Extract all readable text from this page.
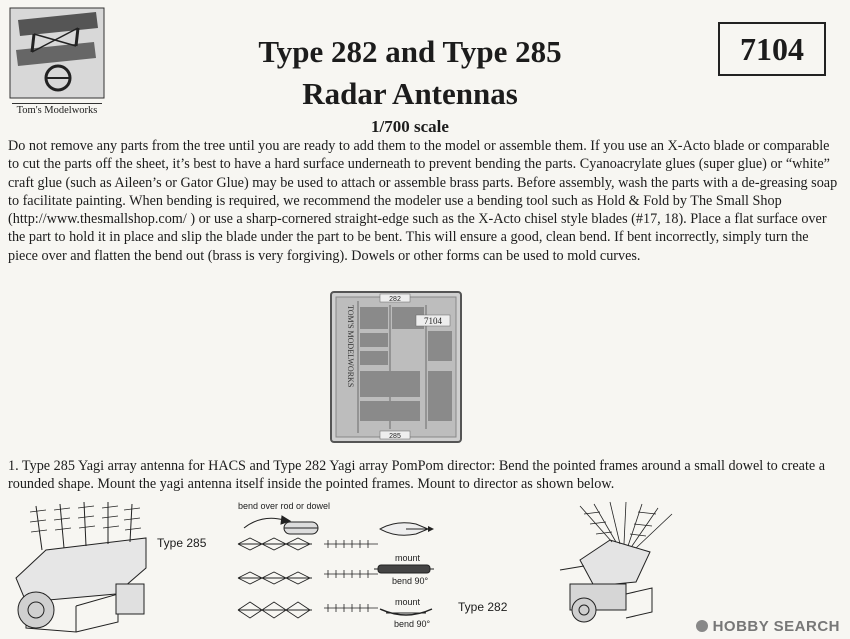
Tom's Modelworks
Type 282 and Type 285
Radar Antennas
1/700 scale
7104
Do not remove any parts from the tree until you are ready to add them to the model or assemble them. If you use an X-Acto blade or comparable to cut the parts off the sheet, it’s best to have a hard surface underneath to prevent bending the parts. Cyanoacrylate glues (super glue) or “white” craft glue (such as Aileen’s or Gator Glue) may be used to attach or assemble brass parts. Before assembly, wash the parts with a de-greasing soap to facilitate painting. When bending is required, we recommend the modeler use a bending tool such as Hold & Fold by The Small Shop (http://www.thesmallshop.com/ ) or use a sharp-cornered straight-edge such as the X-Acto chisel style blades (#17, 18). Place a flat surface over the part to hold it in place and slip the blade under the part to be bent. This will ensure a good, clean bend. If bent incorrectly, simply turn the piece over and flatten the bend out (brass is very forgiving). Dowels or other forms can be used to mold curves.
282
7104
TOM'S MODELWORKS
285
1. Type 285 Yagi array antenna for HACS and Type 282 Yagi array PomPom director: Bend the pointed frames around a small dowel to create a rounded shape. Mount the yagi antenna itself inside the pointed frames. Mount to director as shown below.
Type 285
bend over rod or dowel
mount
bend 90°
mount
bend 90°
Type 282
HOBBY SEARCH
